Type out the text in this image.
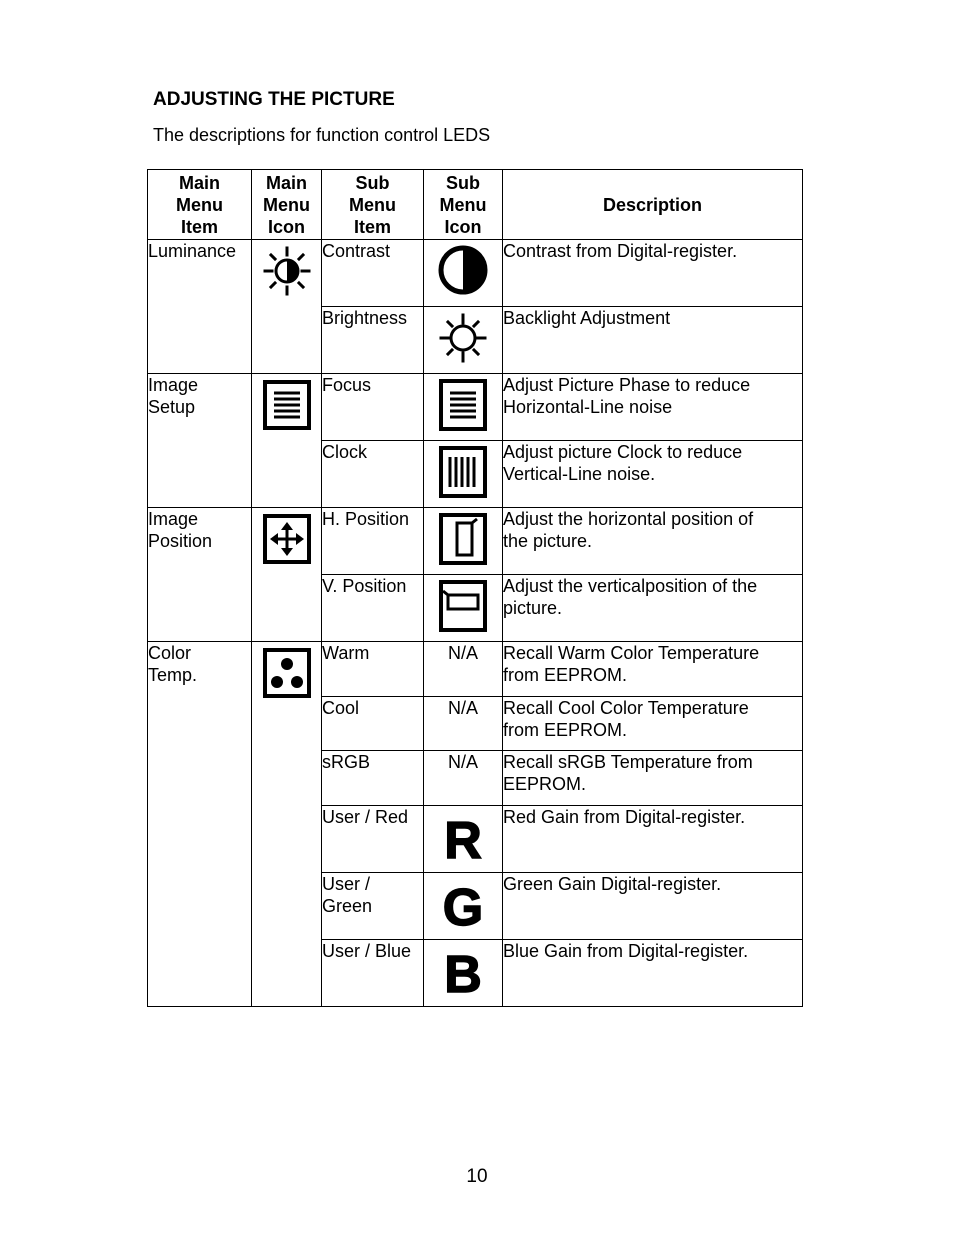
ADJUSTING THE PICTURE
The descriptions for function control LEDS
Main
Menu
Item	Main
Menu
Icon	Sub
Menu
Item	Sub
Menu
Icon	Description
Luminance		Contrast		Contrast from Digital-register.
		Brightness		Backlight Adjustment
Image
Setup		Focus		Adjust Picture Phase to reduce
Horizontal-Line noise
		Clock		Adjust picture Clock to reduce
Vertical-Line noise.
Image
Position		H. Position		Adjust the horizontal position of
the picture.
		V. Position		Adjust the verticalposition of the
picture.
Color
Temp.		Warm	N/A	Recall Warm Color Temperature
from EEPROM.
		Cool	N/A	Recall Cool Color Temperature
from EEPROM.
		sRGB	N/A	Recall sRGB Temperature from
EEPROM.
		User / Red	R	Red Gain from Digital-register.
		User /
Green	G	Green Gain Digital-register.
		User / Blue	B	Blue Gain from Digital-register.
10
